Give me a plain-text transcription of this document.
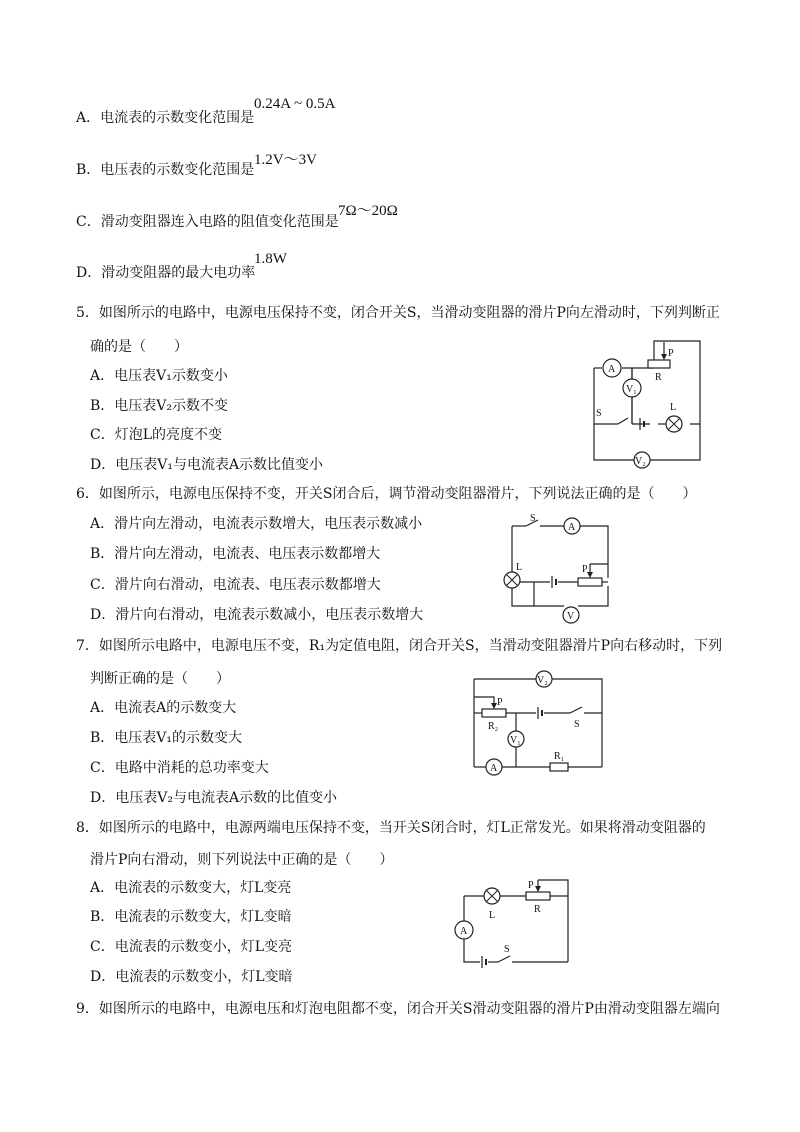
A．电流表的示数变化范围是
0.24A ~ 0.5A
B．电压表的示数变化范围是
1.2V～3V
C．滑动变阻器连入电路的阻值变化范围是
7Ω～20Ω
D．滑动变阻器的最大电功率
1.8W
5．如图所示的电路中，电源电压保持不变，闭合开关S，当滑动变阻器的滑片P向左滑动时，下列判断正
确的是（　　）
A．电压表V₁示数变小
B．电压表V₂示数不变
C．灯泡L的亮度不变
D．电压表V₁与电流表A示数比值变小
A
P
R
V₁
S
L
V₂
6．如图所示，电源电压保持不变，开关S闭合后，调节滑动变阻器滑片，下列说法正确的是（　　）
A．滑片向左滑动，电流表示数增大，电压表示数减小
B．滑片向左滑动，电流表、电压表示数都增大
C．滑片向右滑动，电流表、电压表示数都增大
D．滑片向右滑动，电流表示数减小，电压表示数增大
S
A
L	P
V
7．如图所示电路中，电源电压不变，R₁为定值电阻，闭合开关S，当滑动变阻器滑片P向右移动时，下列
判断正确的是（　　）
A．电流表A的示数变大
B．电压表V₁的示数变大
C．电路中消耗的总功率变大
D．电压表V₂与电流表A示数的比值变小
V₂
P
R₂	S
V₁
A
R₁
8．如图所示的电路中，电源两端电压保持不变，当开关S闭合时，灯L正常发光。如果将滑动变阻器的
滑片P向右滑动，则下列说法中正确的是（　　）
A．电流表的示数变大，灯L变亮
B．电流表的示数变大，灯L变暗
C．电流表的示数变小，灯L变亮
D．电流表的示数变小，灯L变暗
L
P
R
A
S
9．如图所示的电路中，电源电压和灯泡电阻都不变，闭合开关S滑动变阻器的滑片P由滑动变阻器左端向
